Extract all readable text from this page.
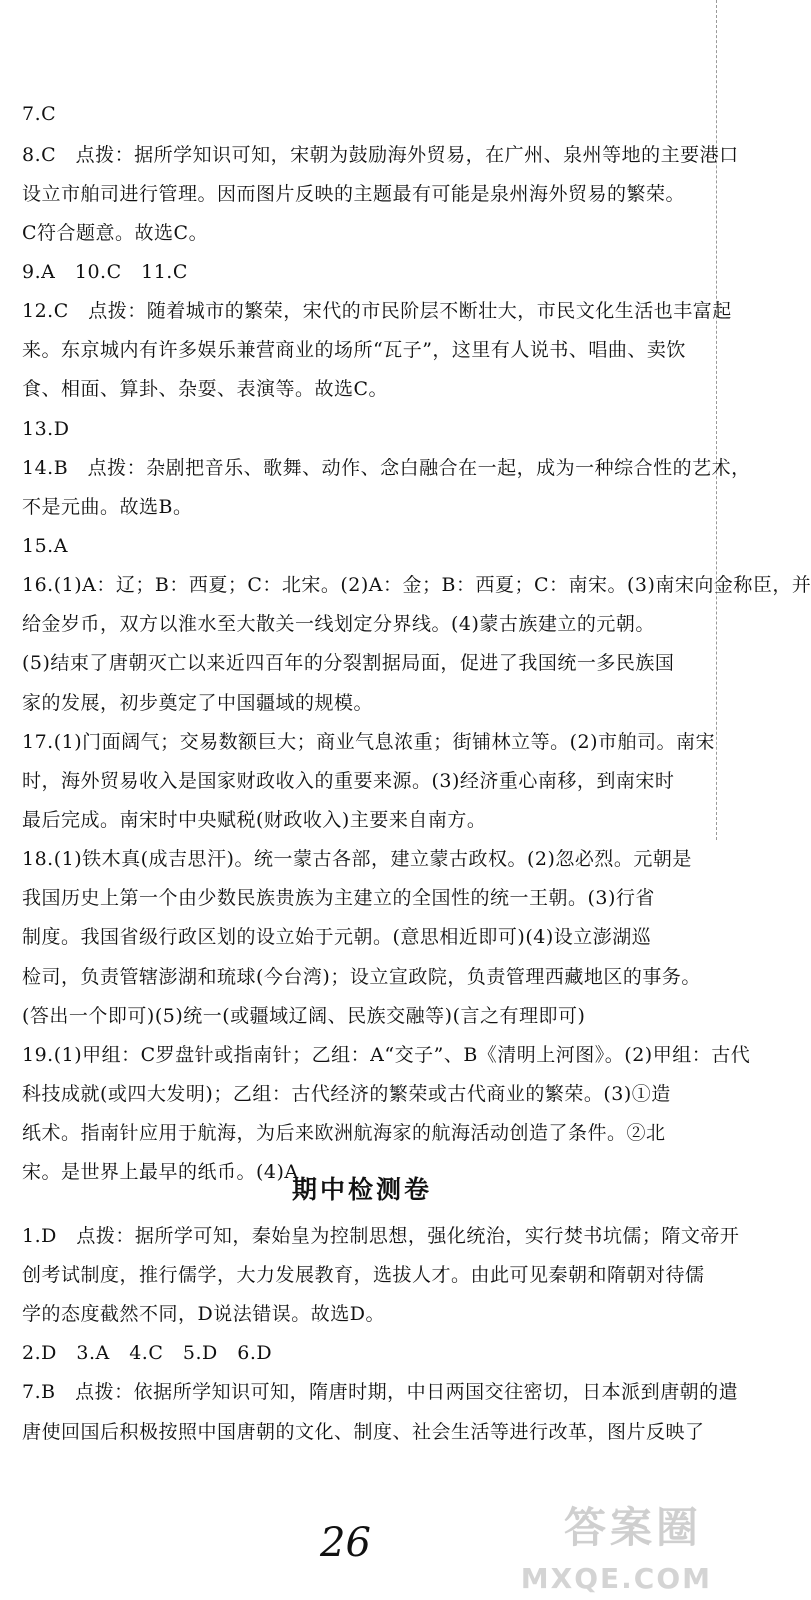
7.C
8.C　点拨：据所学知识可知，宋朝为鼓励海外贸易，在广州、泉州等地的主要港口
设立市舶司进行管理。因而图片反映的主题最有可能是泉州海外贸易的繁荣。
C符合题意。故选C。
9.A　10.C　11.C
12.C　点拨：随着城市的繁荣，宋代的市民阶层不断壮大，市民文化生活也丰富起
来。东京城内有许多娱乐兼营商业的场所“瓦子”，这里有人说书、唱曲、卖饮
食、相面、算卦、杂耍、表演等。故选C。
13.D
14.B　点拨：杂剧把音乐、歌舞、动作、念白融合在一起，成为一种综合性的艺术，
不是元曲。故选B。
15.A
16.(1)A：辽；B：西夏；C：北宋。(2)A：金；B：西夏；C：南宋。(3)南宋向金称臣，并
给金岁币，双方以淮水至大散关一线划定分界线。(4)蒙古族建立的元朝。
(5)结束了唐朝灭亡以来近四百年的分裂割据局面，促进了我国统一多民族国
家的发展，初步奠定了中国疆域的规模。
17.(1)门面阔气；交易数额巨大；商业气息浓重；街铺林立等。(2)市舶司。南宋
时，海外贸易收入是国家财政收入的重要来源。(3)经济重心南移，到南宋时
最后完成。南宋时中央赋税(财政收入)主要来自南方。
18.(1)铁木真(成吉思汗)。统一蒙古各部，建立蒙古政权。(2)忽必烈。元朝是
我国历史上第一个由少数民族贵族为主建立的全国性的统一王朝。(3)行省
制度。我国省级行政区划的设立始于元朝。(意思相近即可)(4)设立澎湖巡
检司，负责管辖澎湖和琉球(今台湾)；设立宣政院，负责管理西藏地区的事务。
(答出一个即可)(5)统一(或疆域辽阔、民族交融等)(言之有理即可)
19.(1)甲组：C罗盘针或指南针；乙组：A“交子”、B《清明上河图》。(2)甲组：古代
科技成就(或四大发明)；乙组：古代经济的繁荣或古代商业的繁荣。(3)①造
纸术。指南针应用于航海，为后来欧洲航海家的航海活动创造了条件。②北
宋。是世界上最早的纸币。(4)A
期中检测卷
1.D　点拨：据所学可知，秦始皇为控制思想，强化统治，实行焚书坑儒；隋文帝开
创考试制度，推行儒学，大力发展教育，选拔人才。由此可见秦朝和隋朝对待儒
学的态度截然不同，D说法错误。故选D。
2.D　3.A　4.C　5.D　6.D
7.B　点拨：依据所学知识可知，隋唐时期，中日两国交往密切，日本派到唐朝的遣
唐使回国后积极按照中国唐朝的文化、制度、社会生活等进行改革，图片反映了
26	答案圈
MXQE.COM
